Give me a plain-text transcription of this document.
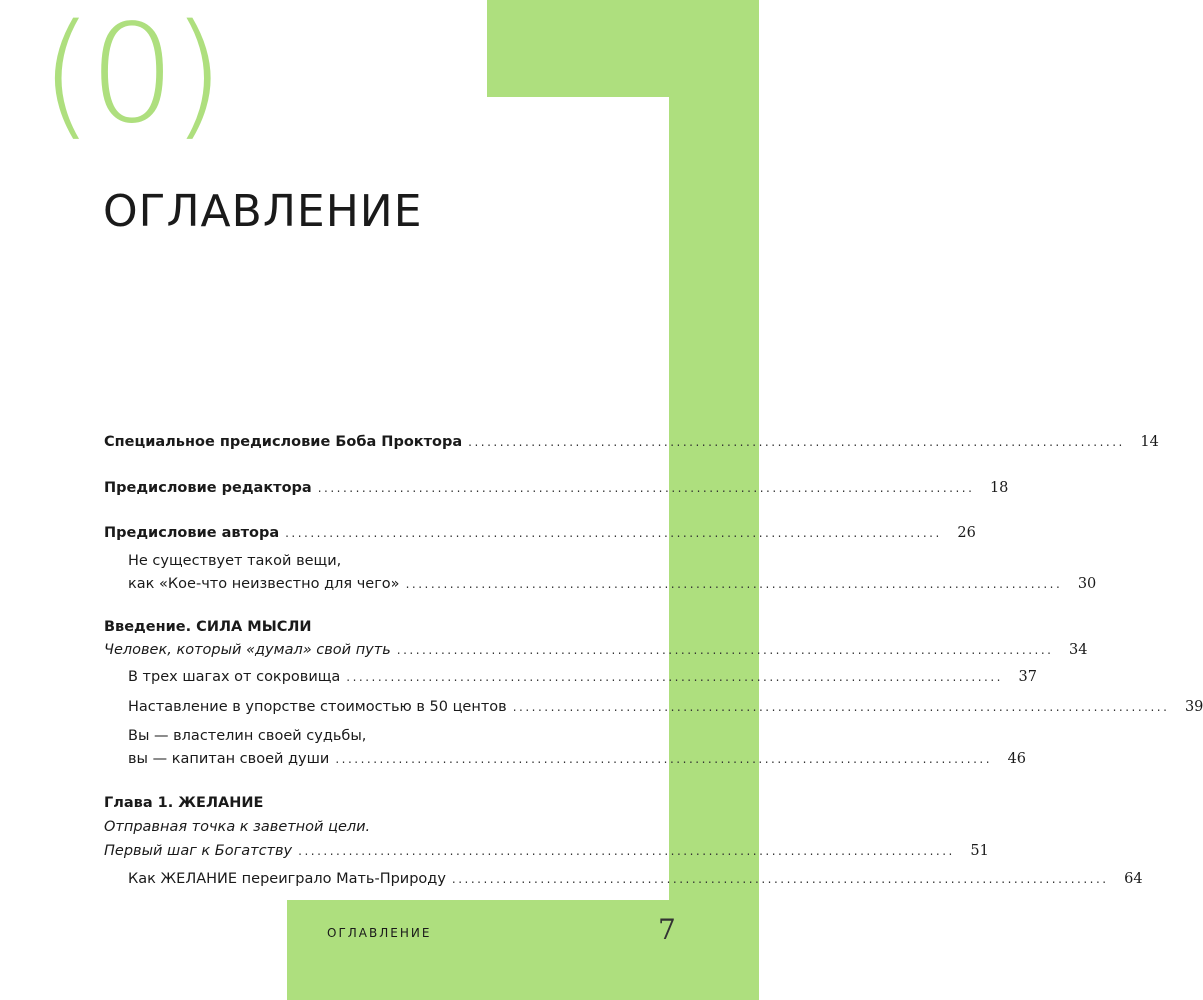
(0)
ОГЛАВЛЕНИЕ
Специальное предисловие Боба Проктора ........................................................................................................	14
Предисловие редактора ........................................................................................................	18
Предисловие автора ........................................................................................................	26
Не существует такой вещи,
как «Кое-что неизвестно для чего» ........................................................................................................	30
Введение. СИЛА МЫСЛИ
Человек, который «думал» свой путь ........................................................................................................	34
В трех шагах от сокровища ........................................................................................................	37
Наставление в упорстве стоимостью в 50 центов ........................................................................................................	39
Вы — властелин своей судьбы,
вы — капитан своей души ........................................................................................................	46
Глава 1. ЖЕЛАНИЕ
Отправная точка к заветной цели.
Первый шаг к Богатству ........................................................................................................	51
Как ЖЕЛАНИЕ переиграло Мать-Природу ........................................................................................................	64
ОГЛАВЛЕНИЕ	7
